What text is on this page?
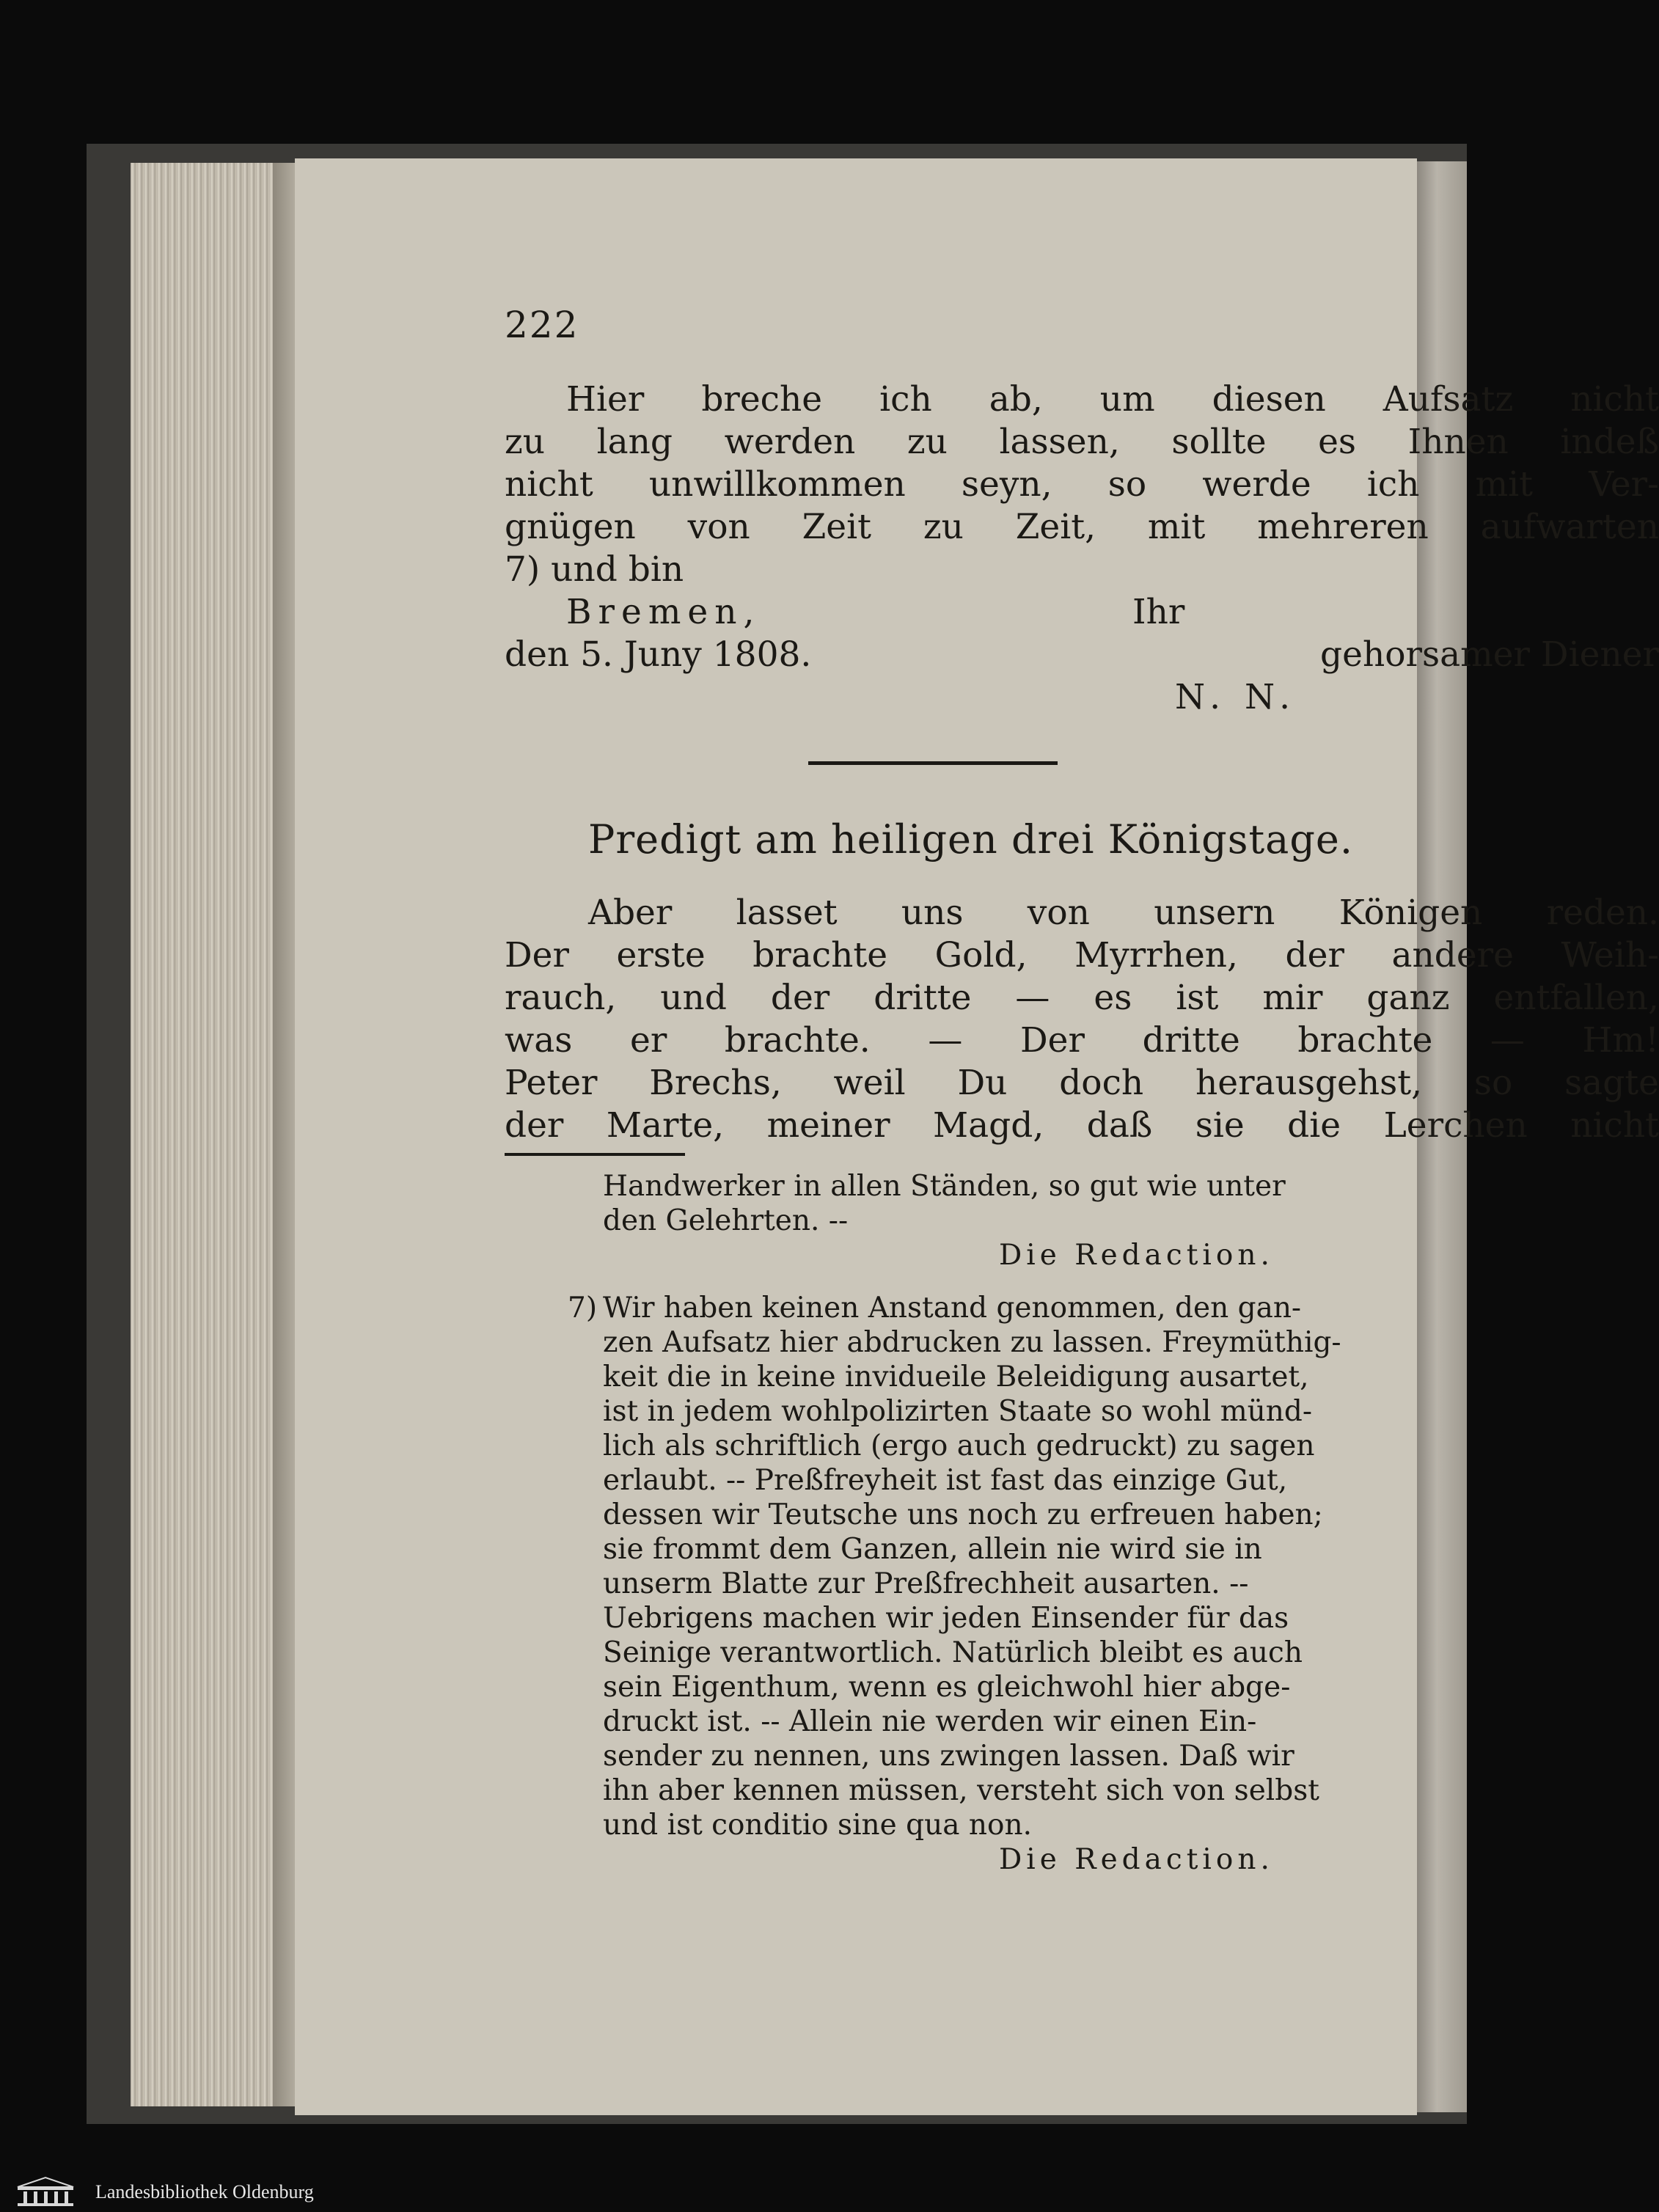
222
Hier breche ich ab, um diesen Aufsatz nicht
zu lang werden zu lassen, sollte es Ihnen indeß
nicht unwillkommen seyn, so werde ich mit Ver-
gnügen von Zeit zu Zeit, mit mehreren aufwarten
7) und bin
Bremen,	Ihr
den 5. Juny 1808.	gehorsamer Diener
N. N.
Predigt am heiligen drei Königstage.
Aber lasset uns von unsern Königen reden.
Der erste brachte Gold, Myrrhen, der andere Weih-
rauch, und der dritte — es ist mir ganz entfallen,
was er brachte. — Der dritte brachte — Hm!
Peter Brechs, weil Du doch herausgehst, so sagte
der Marte, meiner Magd, daß sie die Lerchen nicht
Handwerker in allen Ständen, so gut wie unter
den Gelehrten. --
Die Redaction.
7) Wir haben keinen Anstand genommen, den gan-
zen Aufsatz hier abdrucken zu lassen. Freymüthig-
keit die in keine invidueile Beleidigung ausartet,
ist in jedem wohlpolizirten Staate so wohl münd-
lich als schriftlich (ergo auch gedruckt) zu sagen
erlaubt. -- Preßfreyheit ist fast das einzige Gut,
dessen wir Teutsche uns noch zu erfreuen haben;
sie frommt dem Ganzen, allein nie wird sie in
unserm Blatte zur Preßfrechheit ausarten. --
Uebrigens machen wir jeden Einsender für das
Seinige verantwortlich. Natürlich bleibt es auch
sein Eigenthum, wenn es gleichwohl hier abge-
druckt ist. -- Allein nie werden wir einen Ein-
sender zu nennen, uns zwingen lassen. Daß wir
ihn aber kennen müssen, versteht sich von selbst
und ist conditio sine qua non.
Die Redaction.
Landesbibliothek Oldenburg
